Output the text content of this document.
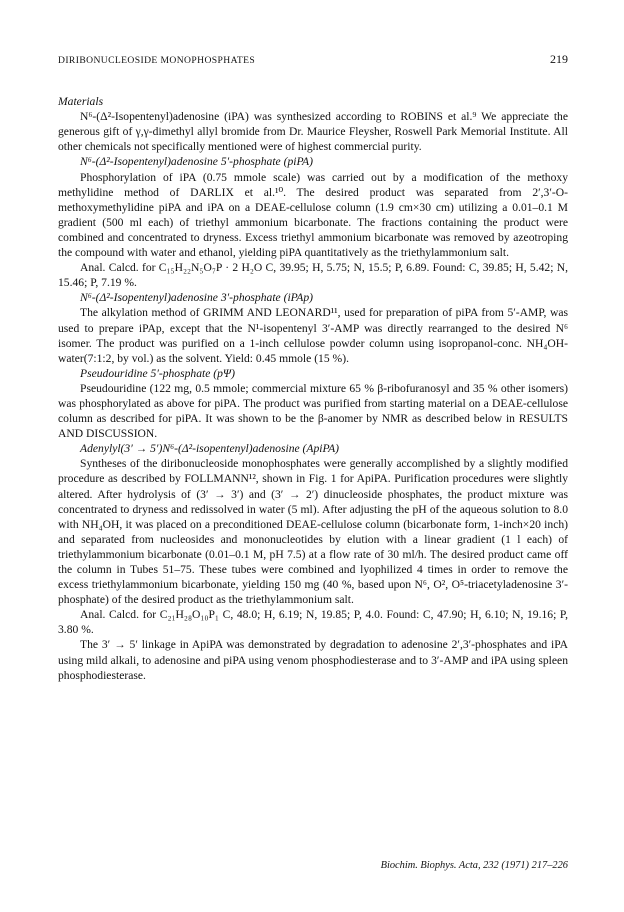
DIRIBONUCLEOSIDE MONOPHOSPHATES	219

Materials

N⁶-(Δ²-Isopentenyl)adenosine (iPA) was synthesized according to ROBINS et al.⁹ We appreciate the generous gift of γ,γ-dimethyl allyl bromide from Dr. Maurice Fleysher, Roswell Park Memorial Institute. All other chemicals not specifically mentioned were of highest commercial purity.

N⁶-(Δ²-Isopentenyl)adenosine 5′-phosphate (piPA)

Phosphorylation of iPA (0.75 mmole scale) was carried out by a modification of the methoxy methylidine method of DARLIX et al.¹⁰. The desired product was separated from 2′,3′-O-methoxymethylidine piPA and iPA on a DEAE-cellulose column (1.9 cm×30 cm) utilizing a 0.01–0.1 M gradient (500 ml each) of triethyl ammonium bicarbonate. The fractions containing the product were combined and concentrated to dryness. Excess triethyl ammonium bicarbonate was removed by azeotroping the compound with water and ethanol, yielding piPA quantitatively as the triethylammonium salt.

Anal. Calcd. for C₁₅H₂₂N₅O₇P · 2 H₂O C, 39.95; H, 5.75; N, 15.5; P, 6.89. Found: C, 39.85; H, 5.42; N, 15.46; P, 7.19 %.

N⁶-(Δ²-Isopentenyl)adenosine 3′-phosphate (iPAp)

The alkylation method of GRIMM AND LEONARD¹¹, used for preparation of piPA from 5′-AMP, was used to prepare iPAp, except that the N¹-isopentenyl 3′-AMP was directly rearranged to the desired N⁶ isomer. The product was purified on a 1-inch cellulose powder column using isopropanol-conc. NH₄OH-water(7:1:2, by vol.) as the solvent. Yield: 0.45 mmole (15 %).

Pseudouridine 5′-phosphate (pΨ)

Pseudouridine (122 mg, 0.5 mmole; commercial mixture 65 % β-ribofuranosyl and 35 % other isomers) was phosphorylated as above for piPA. The product was purified from starting material on a DEAE-cellulose column as described for piPA. It was shown to be the β-anomer by NMR as described below in RESULTS AND DISCUSSION.

Adenylyl(3′ → 5′)N⁶-(Δ²-isopentenyl)adenosine (ApiPA)

Syntheses of the diribonucleoside monophosphates were generally accomplished by a slightly modified procedure as described by FOLLMANN¹², shown in Fig. 1 for ApiPA. Purification procedures were slightly altered. After hydrolysis of (3′ → 3′) and (3′ → 2′) dinucleoside phosphates, the product mixture was concentrated to dryness and redissolved in water (5 ml). After adjusting the pH of the aqueous solution to 8.0 with NH₄OH, it was placed on a preconditioned DEAE-cellulose column (bicarbonate form, 1-inch×20 inch) and separated from nucleosides and mononucleotides by elution with a linear gradient (1 l each) of triethylammonium bicarbonate (0.01–0.1 M, pH 7.5) at a flow rate of 30 ml/h. The desired product came off the column in Tubes 51–75. These tubes were combined and lyophilized 4 times in order to remove the excess triethylammonium bicarbonate, yielding 150 mg (40 %, based upon N⁶, O², O⁵-triacetyladenosine 3′-phosphate) of the desired product as the triethylammonium salt.

Anal. Calcd. for C₂₁H₂₈O₁₀P₁ C, 48.0; H, 6.19; N, 19.85; P, 4.0. Found: C, 47.90; H, 6.10; N, 19.16; P, 3.80 %.

The 3′ → 5′ linkage in ApiPA was demonstrated by degradation to adenosine 2′,3′-phosphates and iPA using mild alkali, to adenosine and piPA using venom phosphodiesterase and to 3′-AMP and iPA using spleen phosphodiesterase.

Biochim. Biophys. Acta, 232 (1971) 217–226
